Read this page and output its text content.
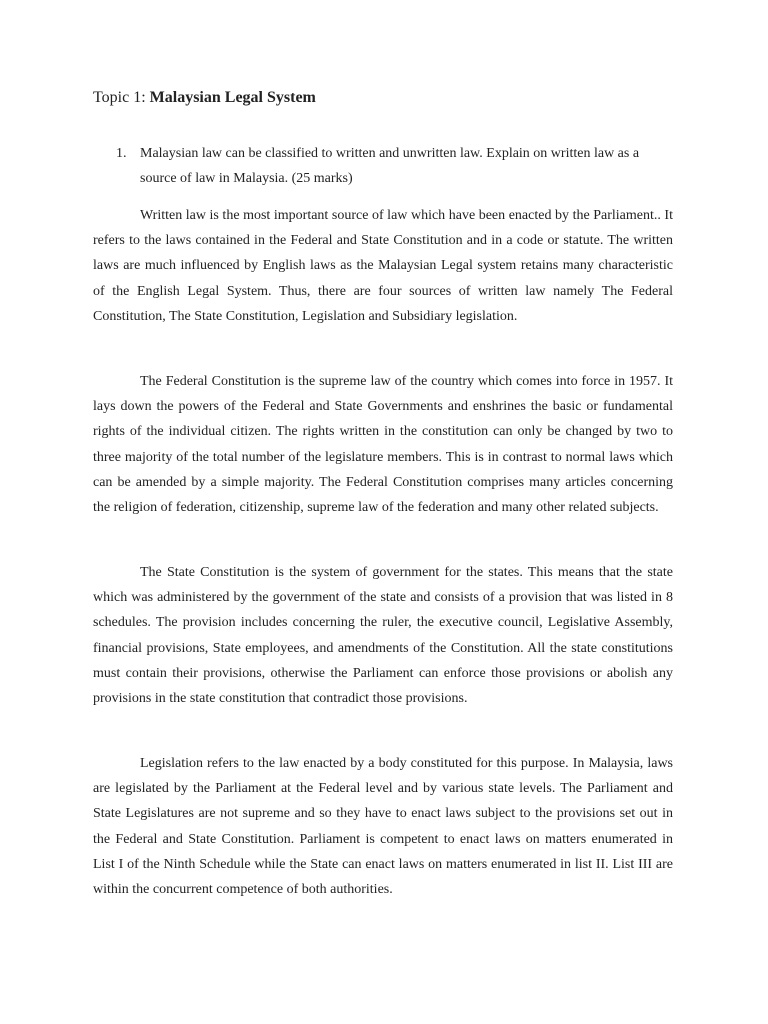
Topic 1: Malaysian Legal System
1. Malaysian law can be classified to written and unwritten law. Explain on written law as a source of law in Malaysia. (25 marks)

Written law is the most important source of law which have been enacted by the Parliament.. It refers to the laws contained in the Federal and State Constitution and in a code or statute. The written laws are much influenced by English laws as the Malaysian Legal system retains many characteristic of the English Legal System. Thus, there are four sources of written law namely The Federal Constitution, The State Constitution, Legislation and Subsidiary legislation.

The Federal Constitution is the supreme law of the country which comes into force in 1957. It lays down the powers of the Federal and State Governments and enshrines the basic or fundamental rights of the individual citizen. The rights written in the constitution can only be changed by two to three majority of the total number of the legislature members. This is in contrast to normal laws which can be amended by a simple majority. The Federal Constitution comprises many articles concerning the religion of federation, citizenship, supreme law of the federation and many other related subjects.

The State Constitution is the system of government for the states. This means that the state which was administered by the government of the state and consists of a provision that was listed in 8 schedules. The provision includes concerning the ruler, the executive council, Legislative Assembly, financial provisions, State employees, and amendments of the Constitution. All the state constitutions must contain their provisions, otherwise the Parliament can enforce those provisions or abolish any provisions in the state constitution that contradict those provisions.

Legislation refers to the law enacted by a body constituted for this purpose. In Malaysia, laws are legislated by the Parliament at the Federal level and by various state levels. The Parliament and State Legislatures are not supreme and so they have to enact laws subject to the provisions set out in the Federal and State Constitution. Parliament is competent to enact laws on matters enumerated in List I of the Ninth Schedule while the State can enact laws on matters enumerated in list II. List III are within the concurrent competence of both authorities.
